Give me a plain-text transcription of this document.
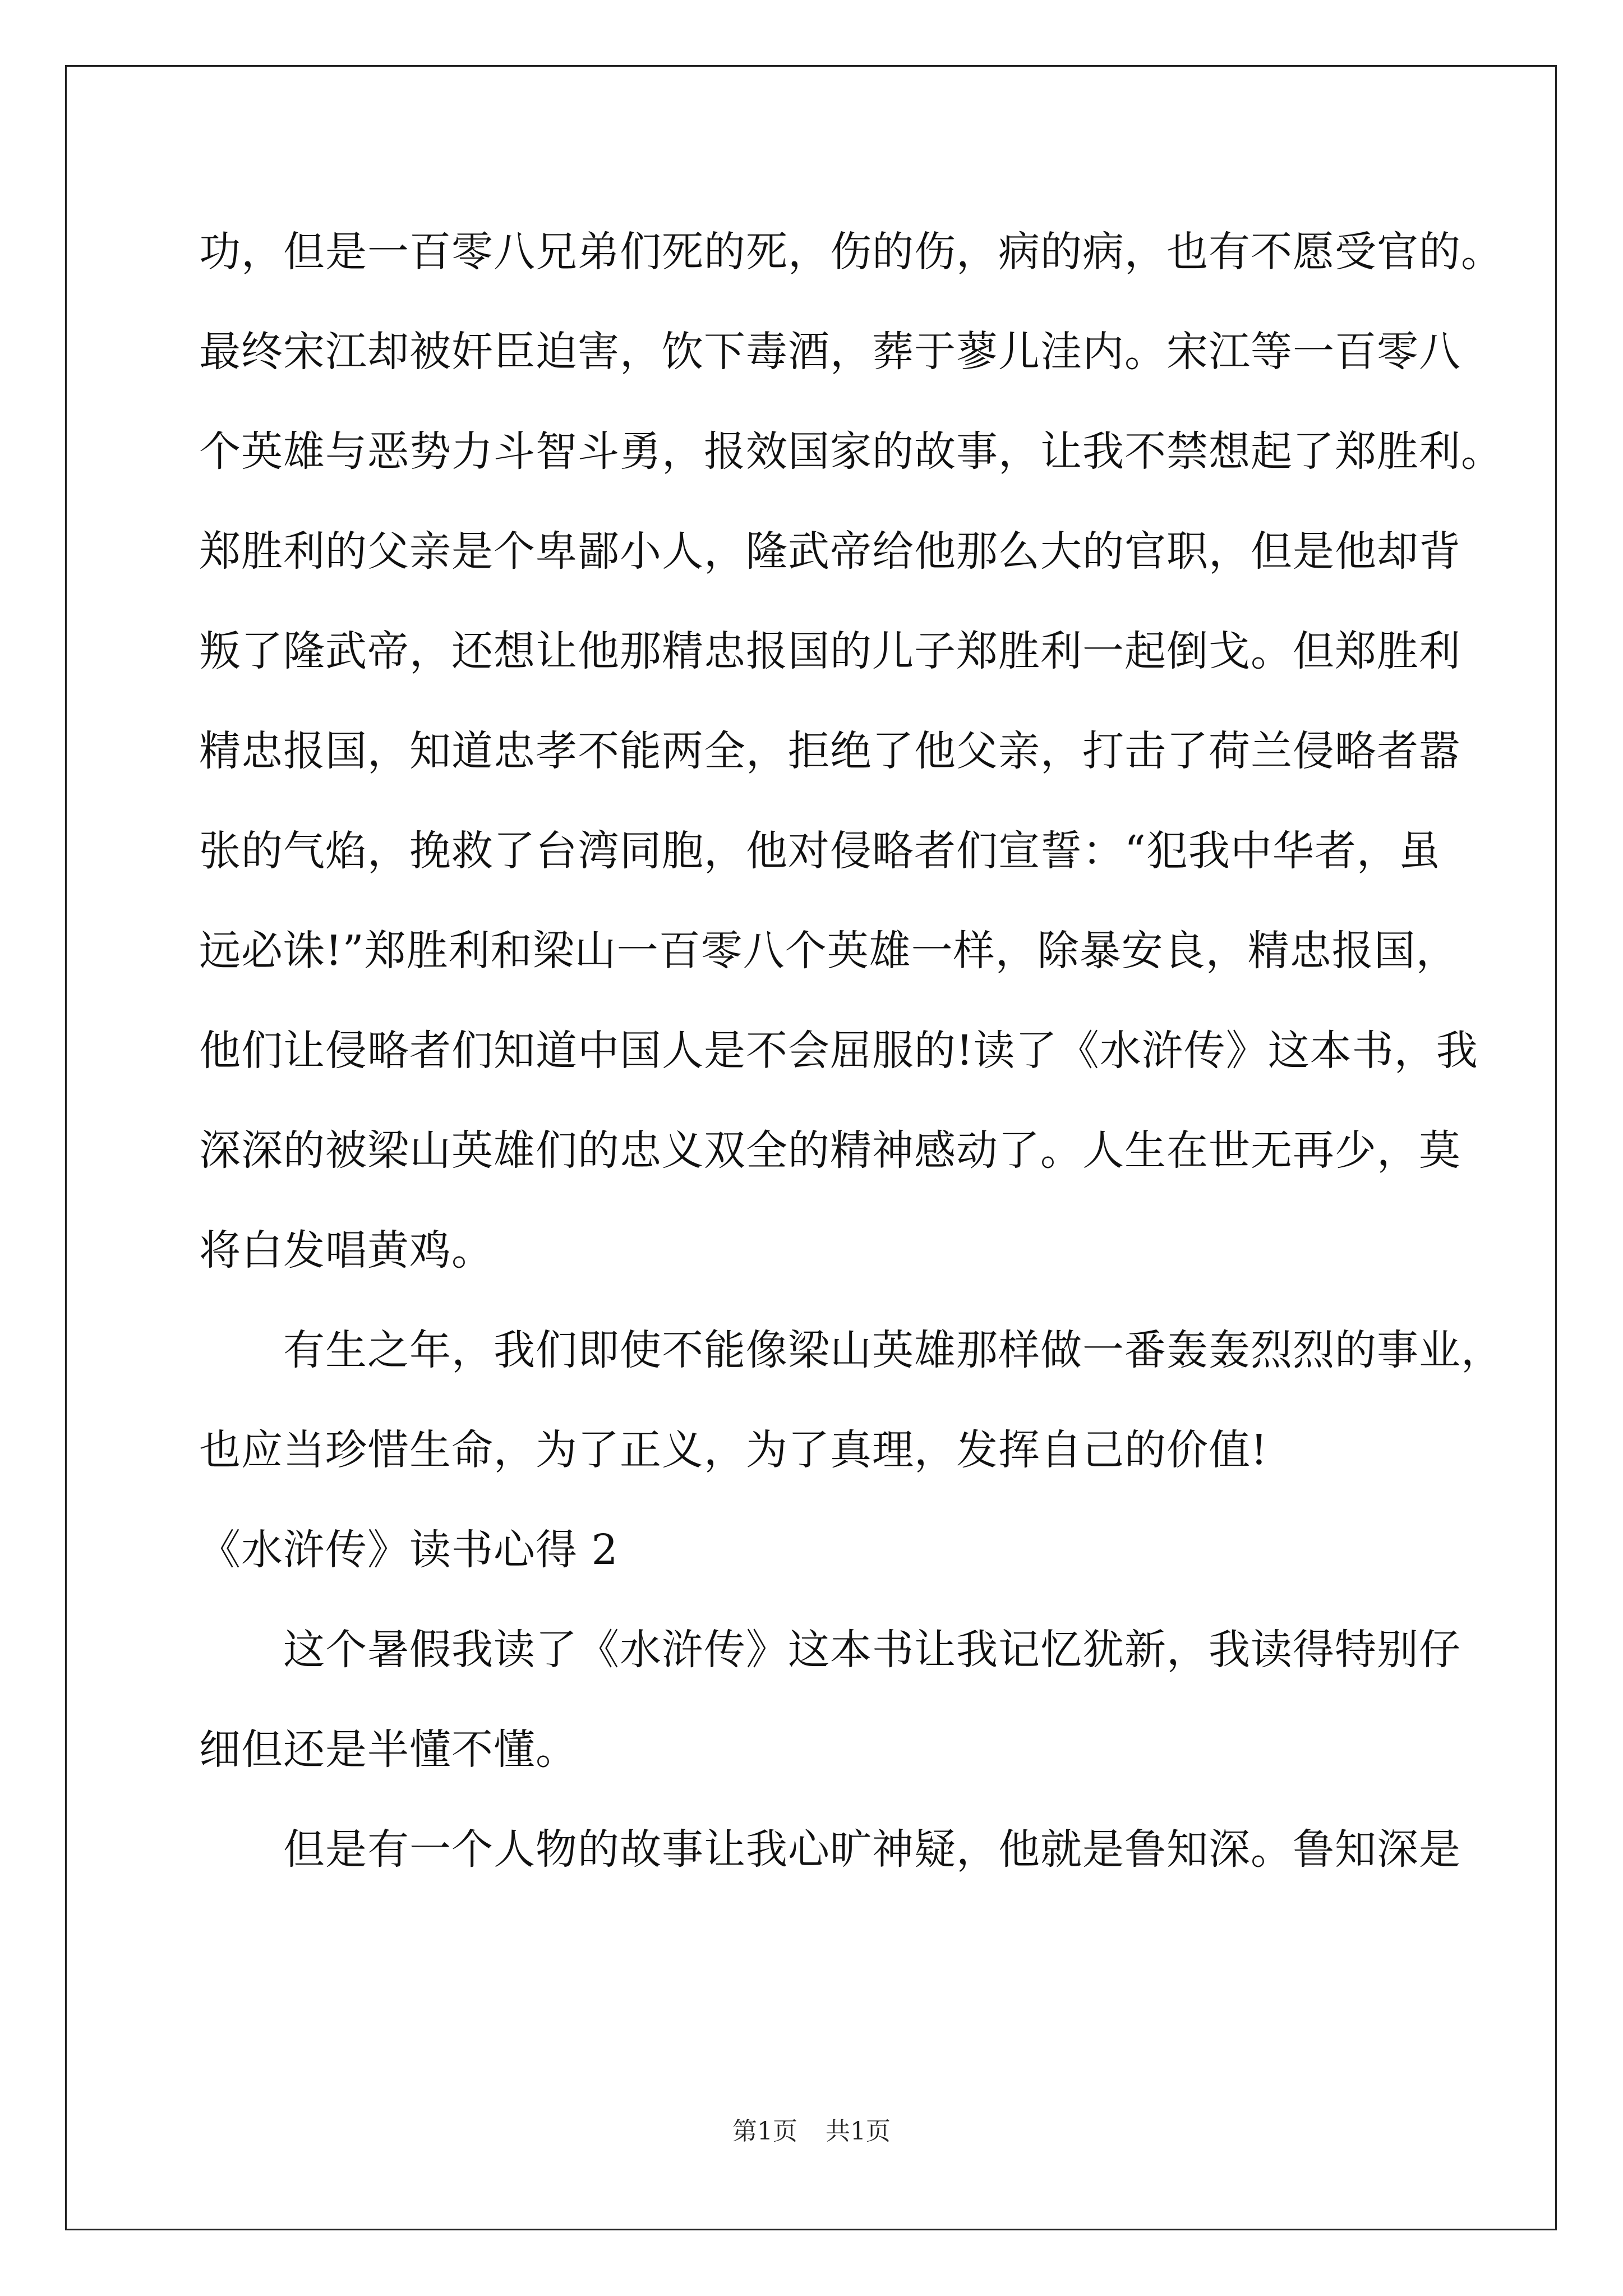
功，但是一百零八兄弟们死的死，伤的伤，病的病，也有不愿受官的。
最终宋江却被奸臣迫害，饮下毒酒，葬于蓼儿洼内。宋江等一百零八
个英雄与恶势力斗智斗勇，报效国家的故事，让我不禁想起了郑胜利。
郑胜利的父亲是个卑鄙小人，隆武帝给他那么大的官职，但是他却背
叛了隆武帝，还想让他那精忠报国的儿子郑胜利一起倒戈。但郑胜利
精忠报国，知道忠孝不能两全，拒绝了他父亲，打击了荷兰侵略者嚣
张的气焰，挽救了台湾同胞，他对侵略者们宣誓：“犯我中华者，虽
远必诛!”郑胜利和梁山一百零八个英雄一样，除暴安良，精忠报国，
他们让侵略者们知道中国人是不会屈服的!读了《水浒传》这本书，我
深深的被梁山英雄们的忠义双全的精神感动了。人生在世无再少，莫
将白发唱黄鸡。
有生之年，我们即使不能像梁山英雄那样做一番轰轰烈烈的事业，
也应当珍惜生命，为了正义，为了真理，发挥自己的价值!
《水浒传》读书心得 2
这个暑假我读了《水浒传》这本书让我记忆犹新，我读得特别仔
细但还是半懂不懂。
但是有一个人物的故事让我心旷神疑，他就是鲁知深。鲁知深是
第1页 共1页
